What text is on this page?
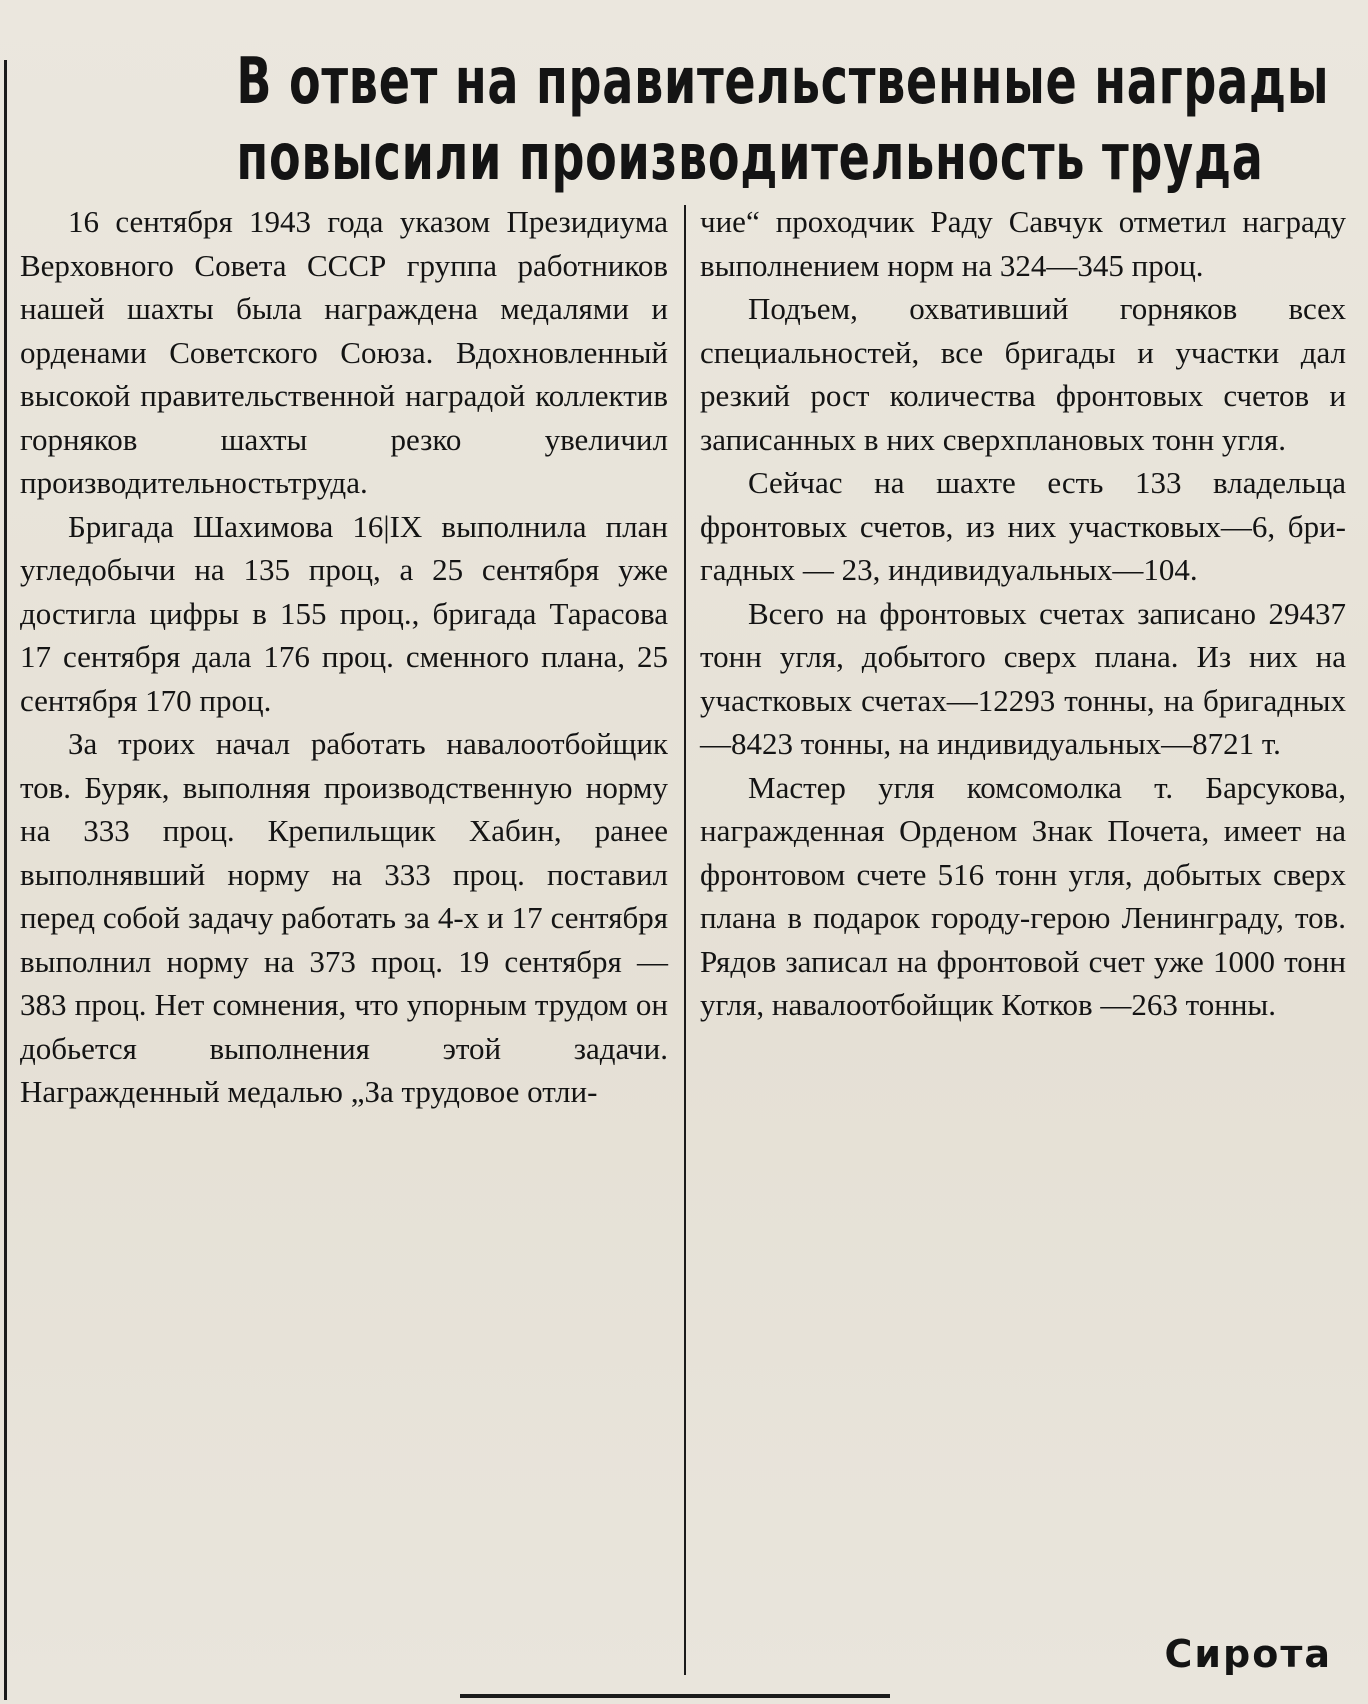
В ответ на правительственные награды
повысили производительность труда

16 сентября 1943 года указом Президиума Верховного Совета СССР группа работников нашей шахты была награждена медалями и орденами Советского Союза. Вдохновленный высокой правительственной наградой коллектив горняков шахты резко увеличил производительностьтруда.

Бригада Шахимова 16|IX выполнила план угледобычи на 135 проц, а 25 сентября уже достигла цифры в 155 проц., бригада Тарасова 17 сентября дала 176 проц. сменного плана, 25 сентября 170 проц.

За троих начал работать навалоотбойщик тов. Буряк, выполняя производственную норму на 333 проц. Крепильщик Хабин, ранее выполнявший норму на 333 проц. поставил перед собой задачу работать за 4-х и 17 сентября выполнил норму на 373 проц. 19 сентября — 383 проц. Нет сомнения, что упорным трудом он добьется выполнения этой задачи. Награжденный медалью „За трудовое отли-

чие“ проходчик Раду Савчук отметил награду выполнением норм на 324—345 проц.

Подъем, охвативший горняков всех специальностей, все бригады и участки дал резкий рост количества фронтовых счетов и записанных в них сверхплановых тонн угля.

Сейчас на шахте есть 133 владельца фронтовых счетов, из них участковых—6, бригадных — 23, индивидуальных—104.

Всего на фронтовых счетах записано 29437 тонн угля, добытого сверх плана. Из них на участковых счетах—12293 тонны, на бригадных—8423 тонны, на индивидуальных—8721 т.

Мастер угля комсомолка т. Барсукова, награжденная Орденом Знак Почета, имеет на фронтовом счете 516 тонн угля, добытых сверх плана в подарок городу-герою Ленинграду, тов. Рядов записал на фронтовой счет уже 1000 тонн угля, навалоотбойщик Котков —263 тонны.

Сирота
